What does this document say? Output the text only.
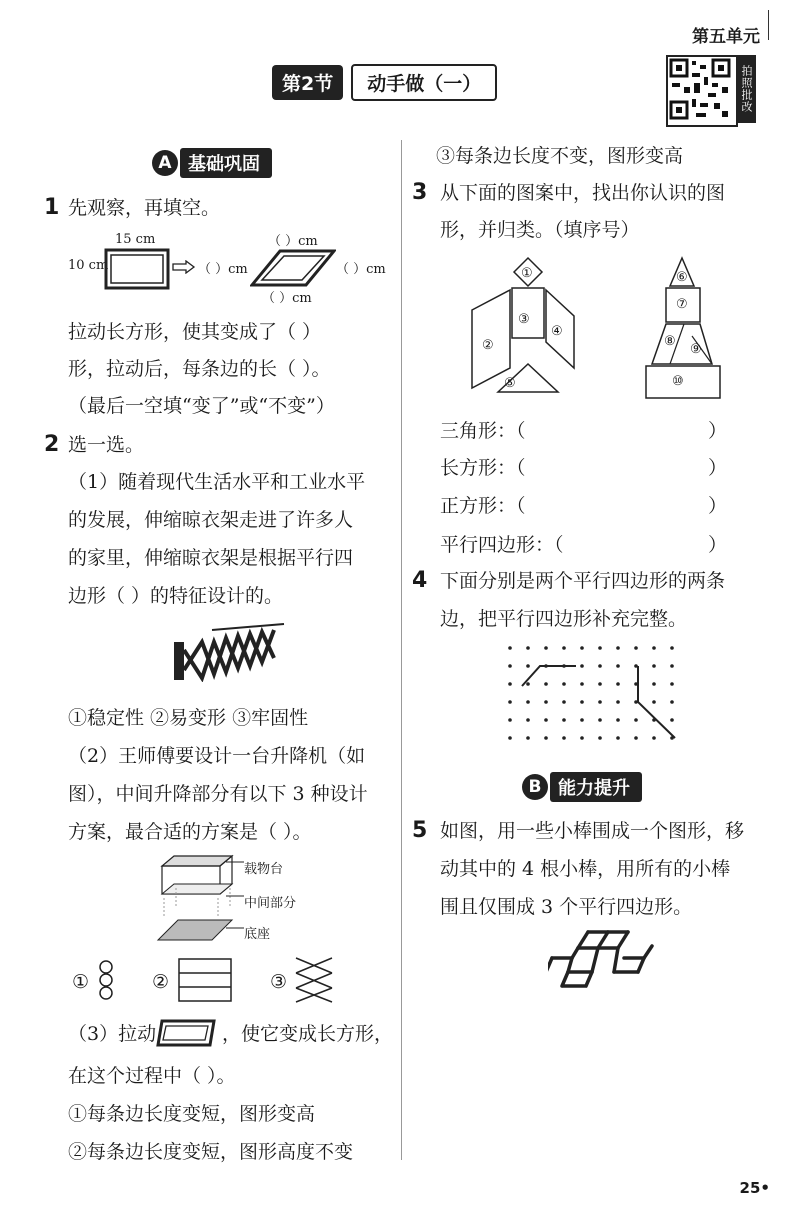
第五单元
第2节	动手做（一）	拍照批改
A 基础巩固
1 先观察，再填空。
15 cm
10 cm	（ ）cm
（ ）cm
（ ）cm
（ ）cm
拉动长方形，使其变成了（ ）
形，拉动后，每条边的长（ ）。
（最后一空填“变了”或“不变”）
2 选一选。
（1）随着现代生活水平和工业水平
的发展，伸缩晾衣架走进了许多人
的家里，伸缩晾衣架是根据平行四
边形（ ）的特征设计的。
①稳定性 ②易变形 ③牢固性
（2）王师傅要设计一台升降机（如
图），中间升降部分有以下 3 种设计
方案，最合适的方案是（ ）。
载物台
中间部分
底座
①	②	③
（3）拉动	，使它变成长方形，
在这个过程中（ ）。
①每条边长度变短，图形变高
②每条边长度变短，图形高度不变
③每条边长度不变，图形变高
3 从下面的图案中，找出你认识的图
形，并归类。（填序号）
①
②
③
④
⑤
⑥
⑦
⑧
⑨
⑩
三角形：（	）
长方形：（	）
正方形：（	）
平行四边形：（	）
4 下面分别是两个平行四边形的两条
边，把平行四边形补充完整。
B 能力提升
5 如图，用一些小棒围成一个图形，移
动其中的 4 根小棒，用所有的小棒
围且仅围成 3 个平行四边形。
25•
